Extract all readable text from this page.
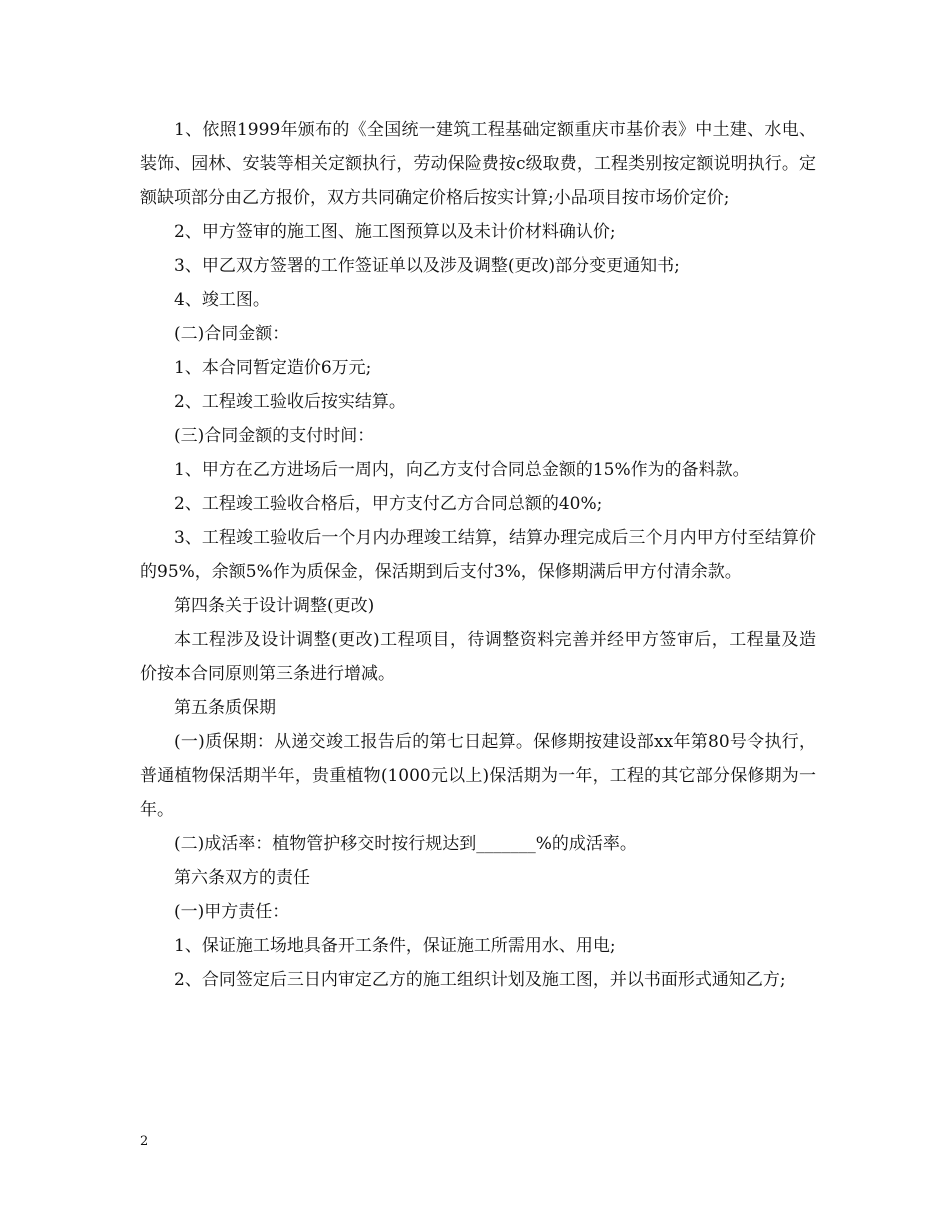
1、依照1999年颁布的《全国统一建筑工程基础定额重庆市基价表》中土建、水电、装饰、园林、安装等相关定额执行，劳动保险费按c级取费，工程类别按定额说明执行。定额缺项部分由乙方报价，双方共同确定价格后按实计算;小品项目按市场价定价;

2、甲方签审的施工图、施工图预算以及未计价材料确认价;

3、甲乙双方签署的工作签证单以及涉及调整(更改)部分变更通知书;

4、竣工图。

(二)合同金额：

1、本合同暂定造价6万元;

2、工程竣工验收后按实结算。

(三)合同金额的支付时间：

1、甲方在乙方进场后一周内，向乙方支付合同总金额的15%作为的备料款。

2、工程竣工验收合格后，甲方支付乙方合同总额的40%;

3、工程竣工验收后一个月内办理竣工结算，结算办理完成后三个月内甲方付至结算价的95%，余额5%作为质保金，保活期到后支付3%，保修期满后甲方付清余款。

第四条关于设计调整(更改)

本工程涉及设计调整(更改)工程项目，待调整资料完善并经甲方签审后，工程量及造价按本合同原则第三条进行增减。

第五条质保期

(一)质保期：从递交竣工报告后的第七日起算。保修期按建设部xx年第80号令执行，普通植物保活期半年，贵重植物(1000元以上)保活期为一年，工程的其它部分保修期为一年。

(二)成活率：植物管护移交时按行规达到_______%的成活率。

第六条双方的责任

(一)甲方责任：

1、保证施工场地具备开工条件，保证施工所需用水、用电;

2、合同签定后三日内审定乙方的施工组织计划及施工图，并以书面形式通知乙方;

2
